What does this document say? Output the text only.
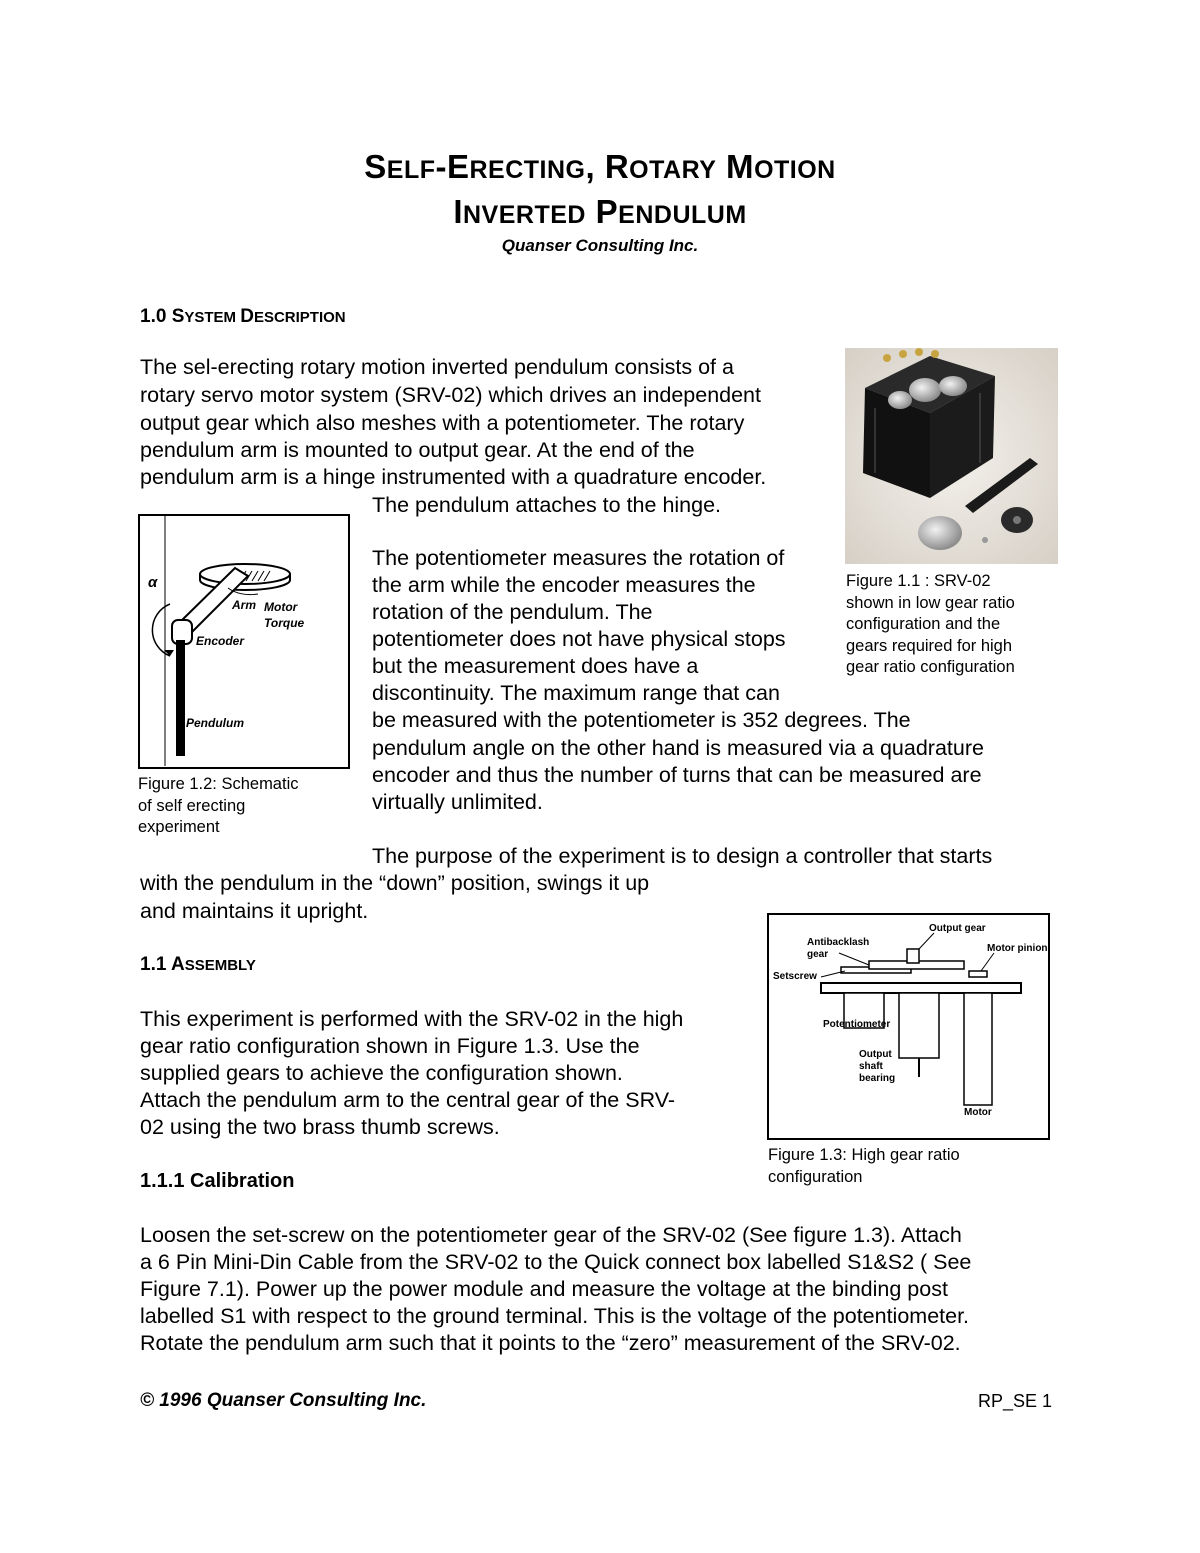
SELF-ERECTING, ROTARY MOTION
INVERTED PENDULUM
Quanser Consulting Inc.
1.0 SYSTEM DESCRIPTION
The sel-erecting rotary motion inverted pendulum consists of a
rotary servo motor system (SRV-02) which drives an independent
output gear which also meshes with a potentiometer. The rotary
pendulum arm is mounted to output gear. At the end of the
pendulum arm is a hinge instrumented with a quadrature encoder.
The pendulum attaches to the hinge.
The potentiometer measures the rotation of
the arm while the encoder measures the
rotation of the pendulum. The
potentiometer does not have physical stops
but the measurement does have a
discontinuity. The maximum range that can
be measured with the potentiometer is 352 degrees. The
pendulum angle on the other hand is measured via a quadrature
encoder and thus the number of turns that can be measured are
virtually unlimited.
The purpose of the experiment is to design a controller that starts
with the pendulum in the “down” position, swings it up
and maintains it upright.
1.1 ASSEMBLY
This experiment is performed with the SRV-02 in the high
gear ratio configuration shown in Figure 1.3. Use the
supplied gears to achieve the configuration shown.
Attach the pendulum arm to the central gear of the SRV-
02 using the two brass thumb screws.
1.1.1 Calibration
Loosen the set-screw on the potentiometer gear of the SRV-02 (See figure 1.3). Attach
a 6 Pin Mini-Din Cable from the SRV-02 to the Quick connect box labelled S1&S2 ( See
Figure 7.1). Power up the power module and measure the voltage at the binding post
labelled S1 with respect to the ground terminal. This is the voltage of the potentiometer.
Rotate the pendulum arm such that it points to the “zero” measurement of the SRV-02.
Figure 1.1 : SRV-02
shown in low gear ratio
configuration and the
gears required for high
gear ratio configuration
α
Arm Motor
Torque
Encoder
Pendulum
Figure 1.2: Schematic
of self erecting
experiment
Output gear
Antibacklash
gear
Motor pinion
Setscrew
Potentiometer
Output
shaft
bearing
Motor
Figure 1.3: High gear ratio
configuration
© 1996 Quanser Consulting Inc.	RP_SE 1
